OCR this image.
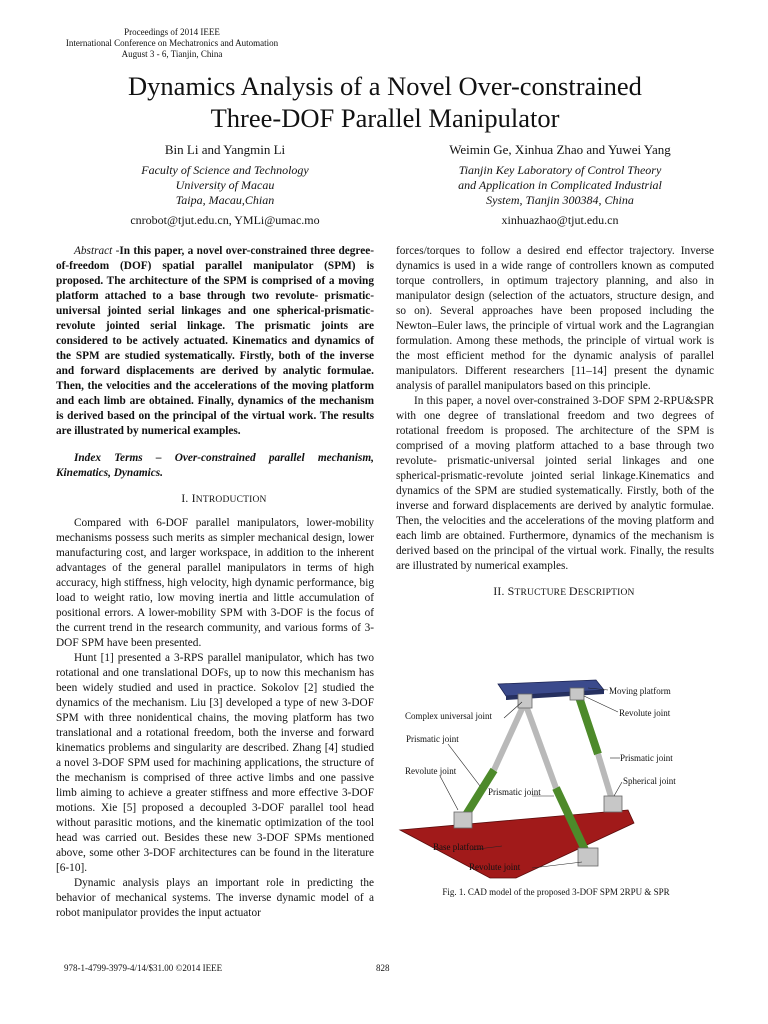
Proceedings of 2014 IEEE
International Conference on Mechatronics and Automation
August 3 - 6, Tianjin, China
Dynamics Analysis of a Novel Over-constrained
Three-DOF Parallel Manipulator
Bin Li and Yangmin Li
Faculty of Science and Technology
University of Macau
Taipa, Macau,Chian
cnrobot@tjut.edu.cn, YMLi@umac.mo
Weimin Ge, Xinhua Zhao and Yuwei Yang
Tianjin Key Laboratory of Control Theory
and Application in Complicated Industrial
System, Tianjin 300384, China
xinhuazhao@tjut.edu.cn

Abstract -In this paper, a novel over-constrained three degree-of-freedom (DOF) spatial parallel manipulator (SPM) is proposed. The architecture of the SPM is comprised of a moving platform attached to a base through two revolute- prismatic-universal jointed serial linkages and one spherical-prismatic-revolute jointed serial linkage. The prismatic joints are considered to be actively actuated. Kinematics and dynamics of the SPM are studied systematically. Firstly, both of the inverse and forward displacements are derived by analytic formulae. Then, the velocities and the accelerations of the moving platform and each limb are obtained. Finally, dynamics of the mechanism is derived based on the principal of the virtual work. The results are illustrated by numerical examples.

Index Terms – Over-constrained parallel mechanism, Kinematics, Dynamics.

I. INTRODUCTION

Compared with 6-DOF parallel manipulators, lower-mobility mechanisms possess such merits as simpler mechanical design, lower manufacturing cost, and larger workspace, in addition to the inherent advantages of the general parallel manipulators in terms of high accuracy, high stiffness, high velocity, high dynamic performance, big load to weight ratio, low moving inertia and little accumulation of positional errors. A lower-mobility SPM with 3-DOF is the focus of the current trend in the research community, and various forms of 3-DOF SPM have been presented.

Hunt [1] presented a 3-RPS parallel manipulator, which has two rotational and one translational DOFs, up to now this mechanism has been widely studied and used in practice. Sokolov [2] studied the dynamics of the mechanism. Liu [3] developed a type of new 3-DOF SPM with three nonidentical chains, the moving platform has two translational and a rotational freedom, both the inverse and forward kinematics problems and singularity are described. Zhang [4] studied a novel 3-DOF SPM used for machining applications, the structure of the mechanism is comprised of three active limbs and one passive limb aiming to achieve a greater stiffness and more effective 3-DOF motions. Xie [5] proposed a decoupled 3-DOF parallel tool head without parasitic motions, and the kinematic optimization of the tool head was carried out. Besides these new 3-DOF SPMs mentioned above, some other 3-DOF architectures can be found in the literature [6-10].

Dynamic analysis plays an important role in predicting the behavior of mechanical systems. The inverse dynamic model of a robot manipulator provides the input actuator

forces/torques to follow a desired end effector trajectory. Inverse dynamics is used in a wide range of controllers known as computed torque controllers, in optimum trajectory planning, and also in manipulator design (selection of the actuators, structure design, and so on). Several approaches have been proposed including the Newton–Euler laws, the principle of virtual work and the Lagrangian formulation. Among these methods, the principle of virtual work is the most efficient method for the dynamic analysis of parallel manipulators. Different researchers [11–14] present the dynamic analysis of parallel manipulators based on this principle.

In this paper, a novel over-constrained 3-DOF SPM 2-RPU&SPR with one degree of translational freedom and two degrees of rotational freedom is proposed. The architecture of the SPM is comprised of a moving platform attached to a base through two revolute- prismatic-universal jointed serial linkages and one spherical-prismatic-revolute jointed serial linkage.Kinematics and dynamics of the SPM are studied systematically. Firstly, both of the inverse and forward displacements are derived by analytic formulae. Then, the velocities and the accelerations of the moving platform and each limb are obtained. Furthermore, dynamics of the mechanism is derived based on the principal of the virtual work. Finally, the results are illustrated by numerical examples.

II. STRUCTURE DESCRIPTION

Moving platform
Revolute joint
Complex universal joint
Prismatic joint
Prismatic joint
Revolute joint
Spherical joint
Prismatic joint
Base platform
Revolute joint
Fig. 1. CAD model of the proposed 3-DOF SPM 2RPU & SPR
978-1-4799-3979-4/14/$31.00 ©2014 IEEE	828
